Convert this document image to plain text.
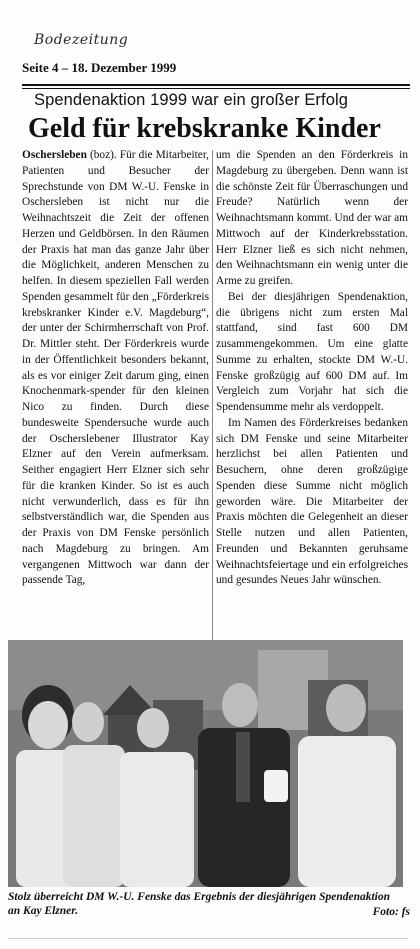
Bodezeitung
Seite 4 – 18. Dezember 1999
Spendenaktion 1999 war ein großer Erfolg
Geld für krebskranke Kinder

Oschersleben (boz). Für die Mitarbeiter, Patienten und Besucher der Sprechstunde von DM W.-U. Fenske in Oschersleben ist nicht nur die Weihnachtszeit die Zeit der offenen Herzen und Geldbörsen. In den Räumen der Praxis hat man das ganze Jahr über die Möglichkeit, anderen Menschen zu helfen. In diesem speziellen Fall werden Spenden gesammelt für den „Förderkreis krebskranker Kinder e.V. Magdeburg“, der unter der Schirmherrschaft von Prof. Dr. Mittler steht. Der Förderkreis wurde in der Öffentlichkeit besonders bekannt, als es vor einiger Zeit darum ging, einen Knochenmark-spender für den kleinen Nico zu finden. Durch diese bundesweite Spendersuche wurde auch der Oscherslebener Illustrator Kay Elzner auf den Verein aufmerksam. Seither engagiert Herr Elzner sich sehr für die kranken Kinder. So ist es auch nicht verwunderlich, dass es für ihn selbstverständlich war, die Spenden aus der Praxis von DM Fenske persönlich nach Magdeburg zu bringen. Am vergangenen Mittwoch war dann der passende Tag,

um die Spenden an den Förderkreis in Magdeburg zu übergeben. Denn wann ist die schönste Zeit für Überraschungen und Freude? Natürlich wenn der Weihnachtsmann kommt. Und der war am Mittwoch auf der Kinderkrebsstation. Herr Elzner ließ es sich nicht nehmen, den Weihnachtsmann ein wenig unter die Arme zu greifen.

Bei der diesjährigen Spendenaktion, die übrigens nicht zum ersten Mal stattfand, sind fast 600 DM zusammengekommen. Um eine glatte Summe zu erhalten, stockte DM W.-U. Fenske großzügig auf 600 DM auf. Im Vergleich zum Vorjahr hat sich die Spendensumme mehr als verdoppelt.

Im Namen des Förderkreises bedanken sich DM Fenske und seine Mitarbeiter herzlichst bei allen Patienten und Besuchern, ohne deren großzügige Spenden diese Summe nicht möglich geworden wäre. Die Mitarbeiter der Praxis möchten die Gelegenheit an dieser Stelle nutzen und allen Patienten, Freunden und Bekannten geruhsame Weihnachtsfeiertage und ein erfolgreiches und gesundes Neues Jahr wünschen.

Stolz überreicht DM W.-U. Fenske das Ergebnis der diesjährigen Spendenaktion an Kay Elzner.	Foto: fs
